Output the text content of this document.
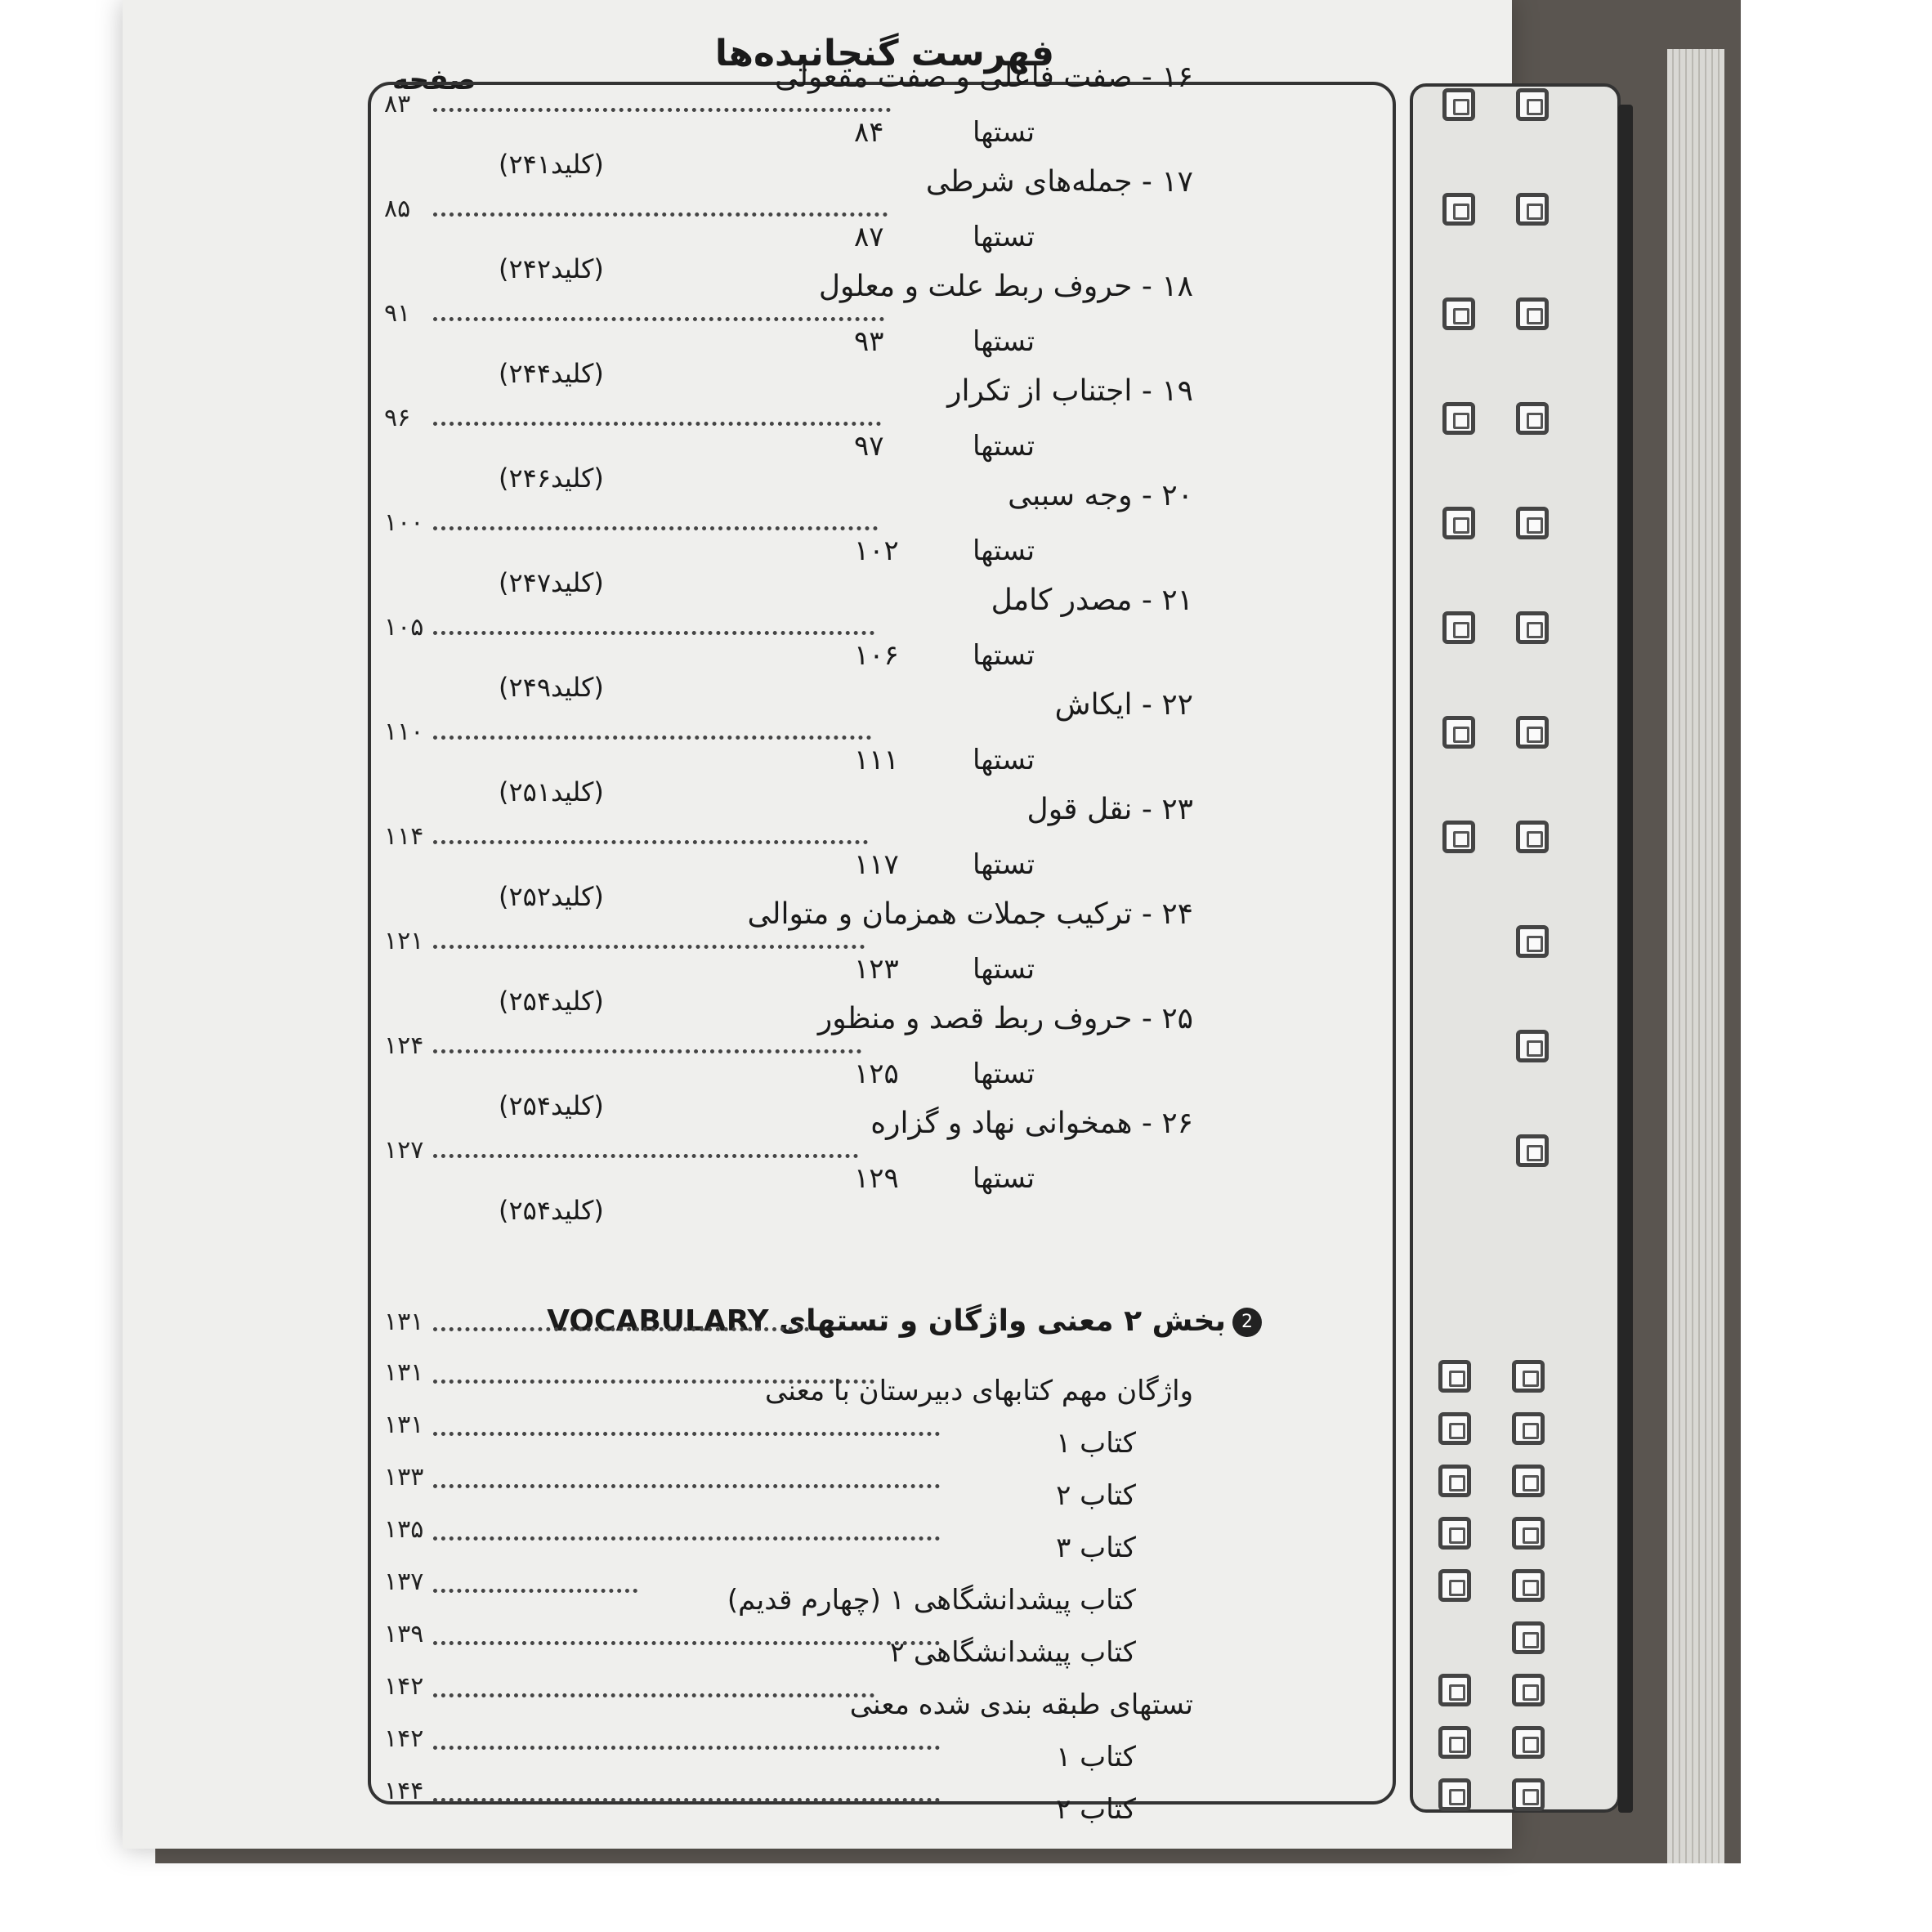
فهرست گنجانیده‌ها
صفحه	۱۶ - صفت فاعلی و صفت مفعولی
۸۳
تستها
۸۴
(کلید۲۴۱)
۱۷ - جمله‌های شرطی
۸۵
تستها
۸۷
(کلید۲۴۲)
۱۸ - حروف ربط علت و معلول
۹۱
تستها
۹۳
(کلید۲۴۴)
۱۹ - اجتناب از تکرار
۹۶
تستها
۹۷
(کلید۲۴۶)
۲۰ - وجه سببی
۱۰۰
تستها
۱۰۲
(کلید۲۴۷)
۲۱ - مصدر کامل
۱۰۵
تستها
۱۰۶
(کلید۲۴۹)
۲۲ - ایکاش
۱۱۰
تستها
۱۱۱
(کلید۲۵۱)
۲۳ - نقل قول
۱۱۴
تستها
۱۱۷
(کلید۲۵۲)
۲۴ - ترکیب جملات همزمان و متوالی
۱۲۱
تستها
۱۲۳
(کلید۲۵۴)
۲۵ - حروف ربط قصد و منظور
۱۲۴
تستها
۱۲۵
(کلید۲۵۴)
۲۶ - همخوانی نهاد و گزاره
۱۲۷
تستها
۱۲۹
(کلید۲۵۴)
2
بخش ۲ معنی واژگان و تستهای VOCABULARY
۱۳۱
واژگان مهم کتابهای دبیرستان با معنی
۱۳۱
کتاب ۱
۱۳۱
کتاب ۲
۱۳۳
کتاب ۳
۱۳۵
کتاب پیشدانشگاهی ۱ (چهارم قدیم)
۱۳۷
کتاب پیشدانشگاهی ۲
۱۳۹
تستهای طبقه بندی شده معنی
۱۴۲
کتاب ۱
۱۴۲
کتاب ۲
۱۴۴
